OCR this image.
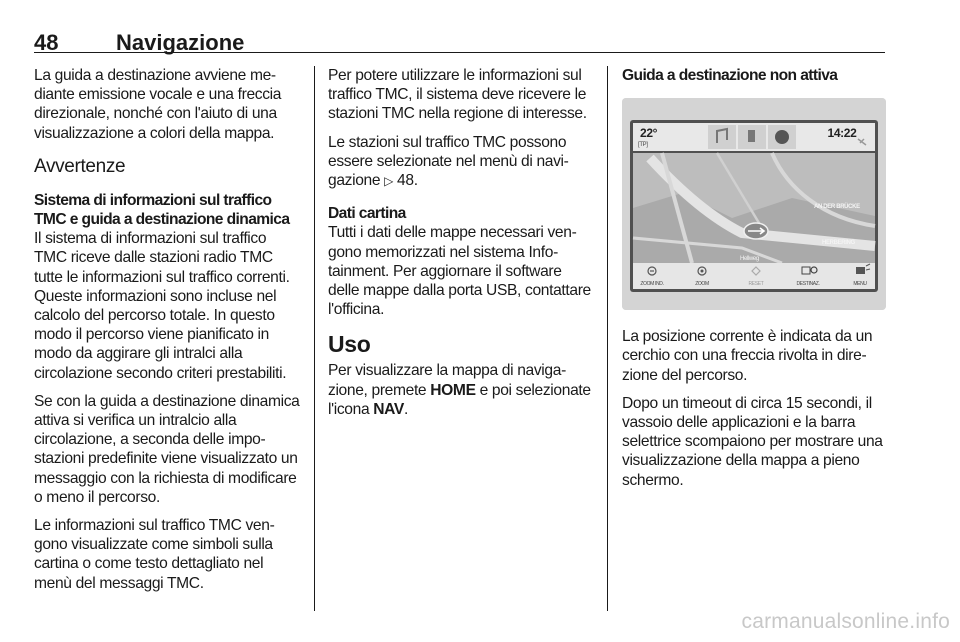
48	Navigazione

La guida a destinazione avviene mediante emissione vocale e una freccia direzionale, nonché con l'aiuto di una visualizzazione a colori della mappa.

Avvertenze
Sistema di informazioni sul traffico TMC e guida a destinazione dinamica

Il sistema di informazioni sul traffico TMC riceve dalle stazioni radio TMC tutte le informazioni sul traffico correnti. Queste informazioni sono incluse nel calcolo del percorso totale. In questo modo il percorso viene pianificato in modo da aggirare gli intralci alla circolazione secondo criteri prestabiliti.

Se con la guida a destinazione dinamica attiva si verifica un intralcio alla circolazione, a seconda delle impostazioni predefinite viene visualizzato un messaggio con la richiesta di modificare o meno il percorso.

Le informazioni sul traffico TMC vengono visualizzate come simboli sulla cartina o come testo dettagliato nel menù del messaggi TMC.

Per potere utilizzare le informazioni sul traffico TMC, il sistema deve ricevere le stazioni TMC nella regione di interesse.

Le stazioni sul traffico TMC possono essere selezionate nel menù di navigazione ▷ 48.

Dati cartina

Tutti i dati delle mappe necessari vengono memorizzati nel sistema Infotainment. Per aggiornare il software delle mappe dalla porta USB, contattare l'officina.

Uso

Per visualizzare la mappa di navigazione, premete HOME e poi selezionate l'icona NAV.

Guida a destinazione non attiva
22°
[TP]
14:22
AN DER BRÜCKE
HERBERING
Hellweg
ZOOM IND.	ZOOM	RESET	DESTINAZ.	MENU

La posizione corrente è indicata da un cerchio con una freccia rivolta in direzione del percorso.

Dopo un timeout di circa 15 secondi, il vassoio delle applicazioni e la barra selettrice scompaiono per mostrare una visualizzazione della mappa a pieno schermo.

carmanualsonline.info
